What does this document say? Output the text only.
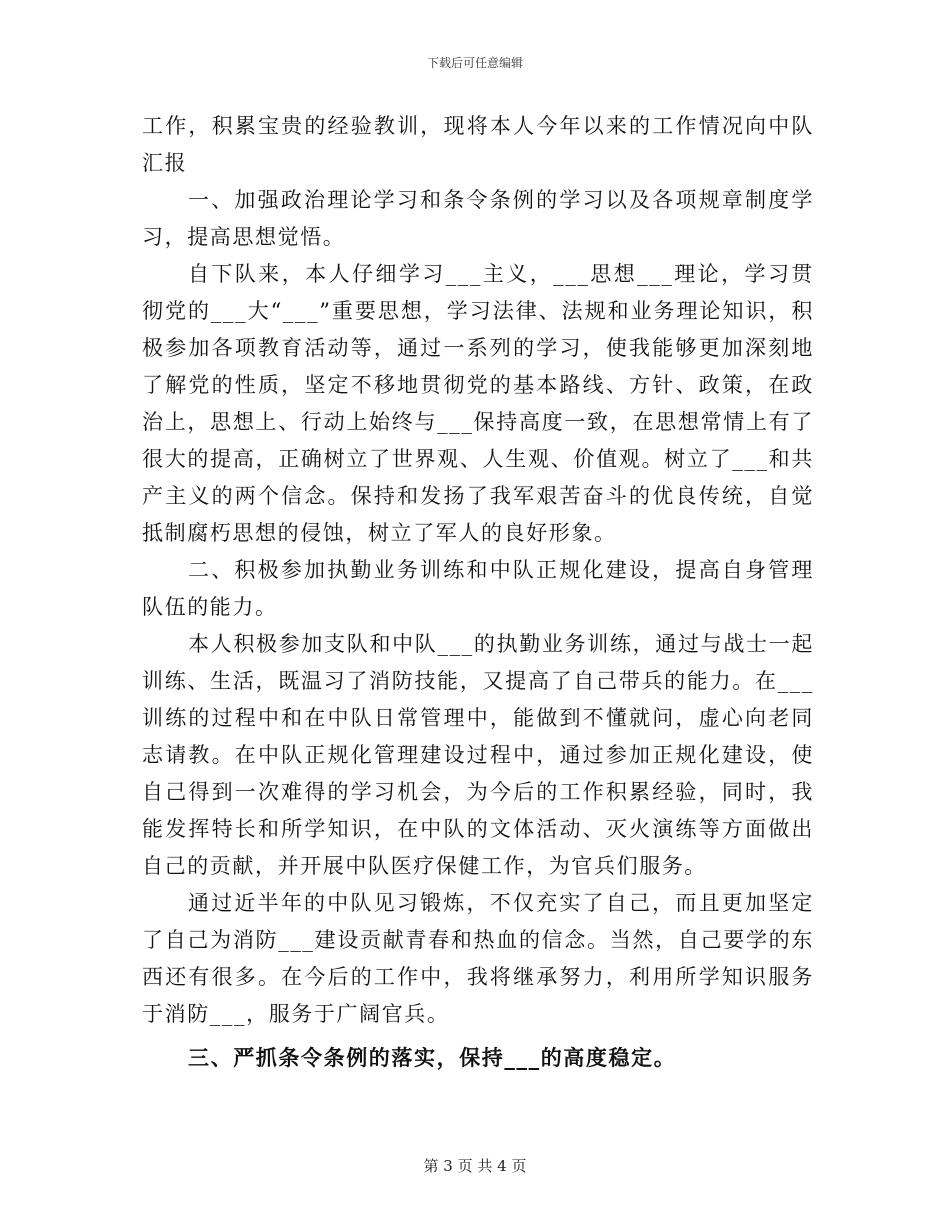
下载后可任意编辑

工作，积累宝贵的经验教训，现将本人今年以来的工作情况向中队汇报

一、加强政治理论学习和条令条例的学习以及各项规章制度学习，提高思想觉悟。

自下队来，本人仔细学习___主义，___思想___理论，学习贯彻党的___大“___”重要思想，学习法律、法规和业务理论知识，积极参加各项教育活动等，通过一系列的学习，使我能够更加深刻地了解党的性质，坚定不移地贯彻党的基本路线、方针、政策，在政治上，思想上、行动上始终与___保持高度一致，在思想常情上有了很大的提高，正确树立了世界观、人生观、价值观。树立了___和共产主义的两个信念。保持和发扬了我军艰苦奋斗的优良传统，自觉抵制腐朽思想的侵蚀，树立了军人的良好形象。

二、积极参加执勤业务训练和中队正规化建设，提高自身管理队伍的能力。

本人积极参加支队和中队___的执勤业务训练，通过与战士一起训练、生活，既温习了消防技能，又提高了自己带兵的能力。在___训练的过程中和在中队日常管理中，能做到不懂就问，虚心向老同志请教。在中队正规化管理建设过程中，通过参加正规化建设，使自己得到一次难得的学习机会，为今后的工作积累经验，同时，我能发挥特长和所学知识，在中队的文体活动、灭火演练等方面做出自己的贡献，并开展中队医疗保健工作，为官兵们服务。

通过近半年的中队见习锻炼，不仅充实了自己，而且更加坚定了自己为消防___建设贡献青春和热血的信念。当然，自己要学的东西还有很多。在今后的工作中，我将继承努力，利用所学知识服务于消防___，服务于广阔官兵。

三、严抓条令条例的落实，保持___的高度稳定。

第 3 页 共 4 页
